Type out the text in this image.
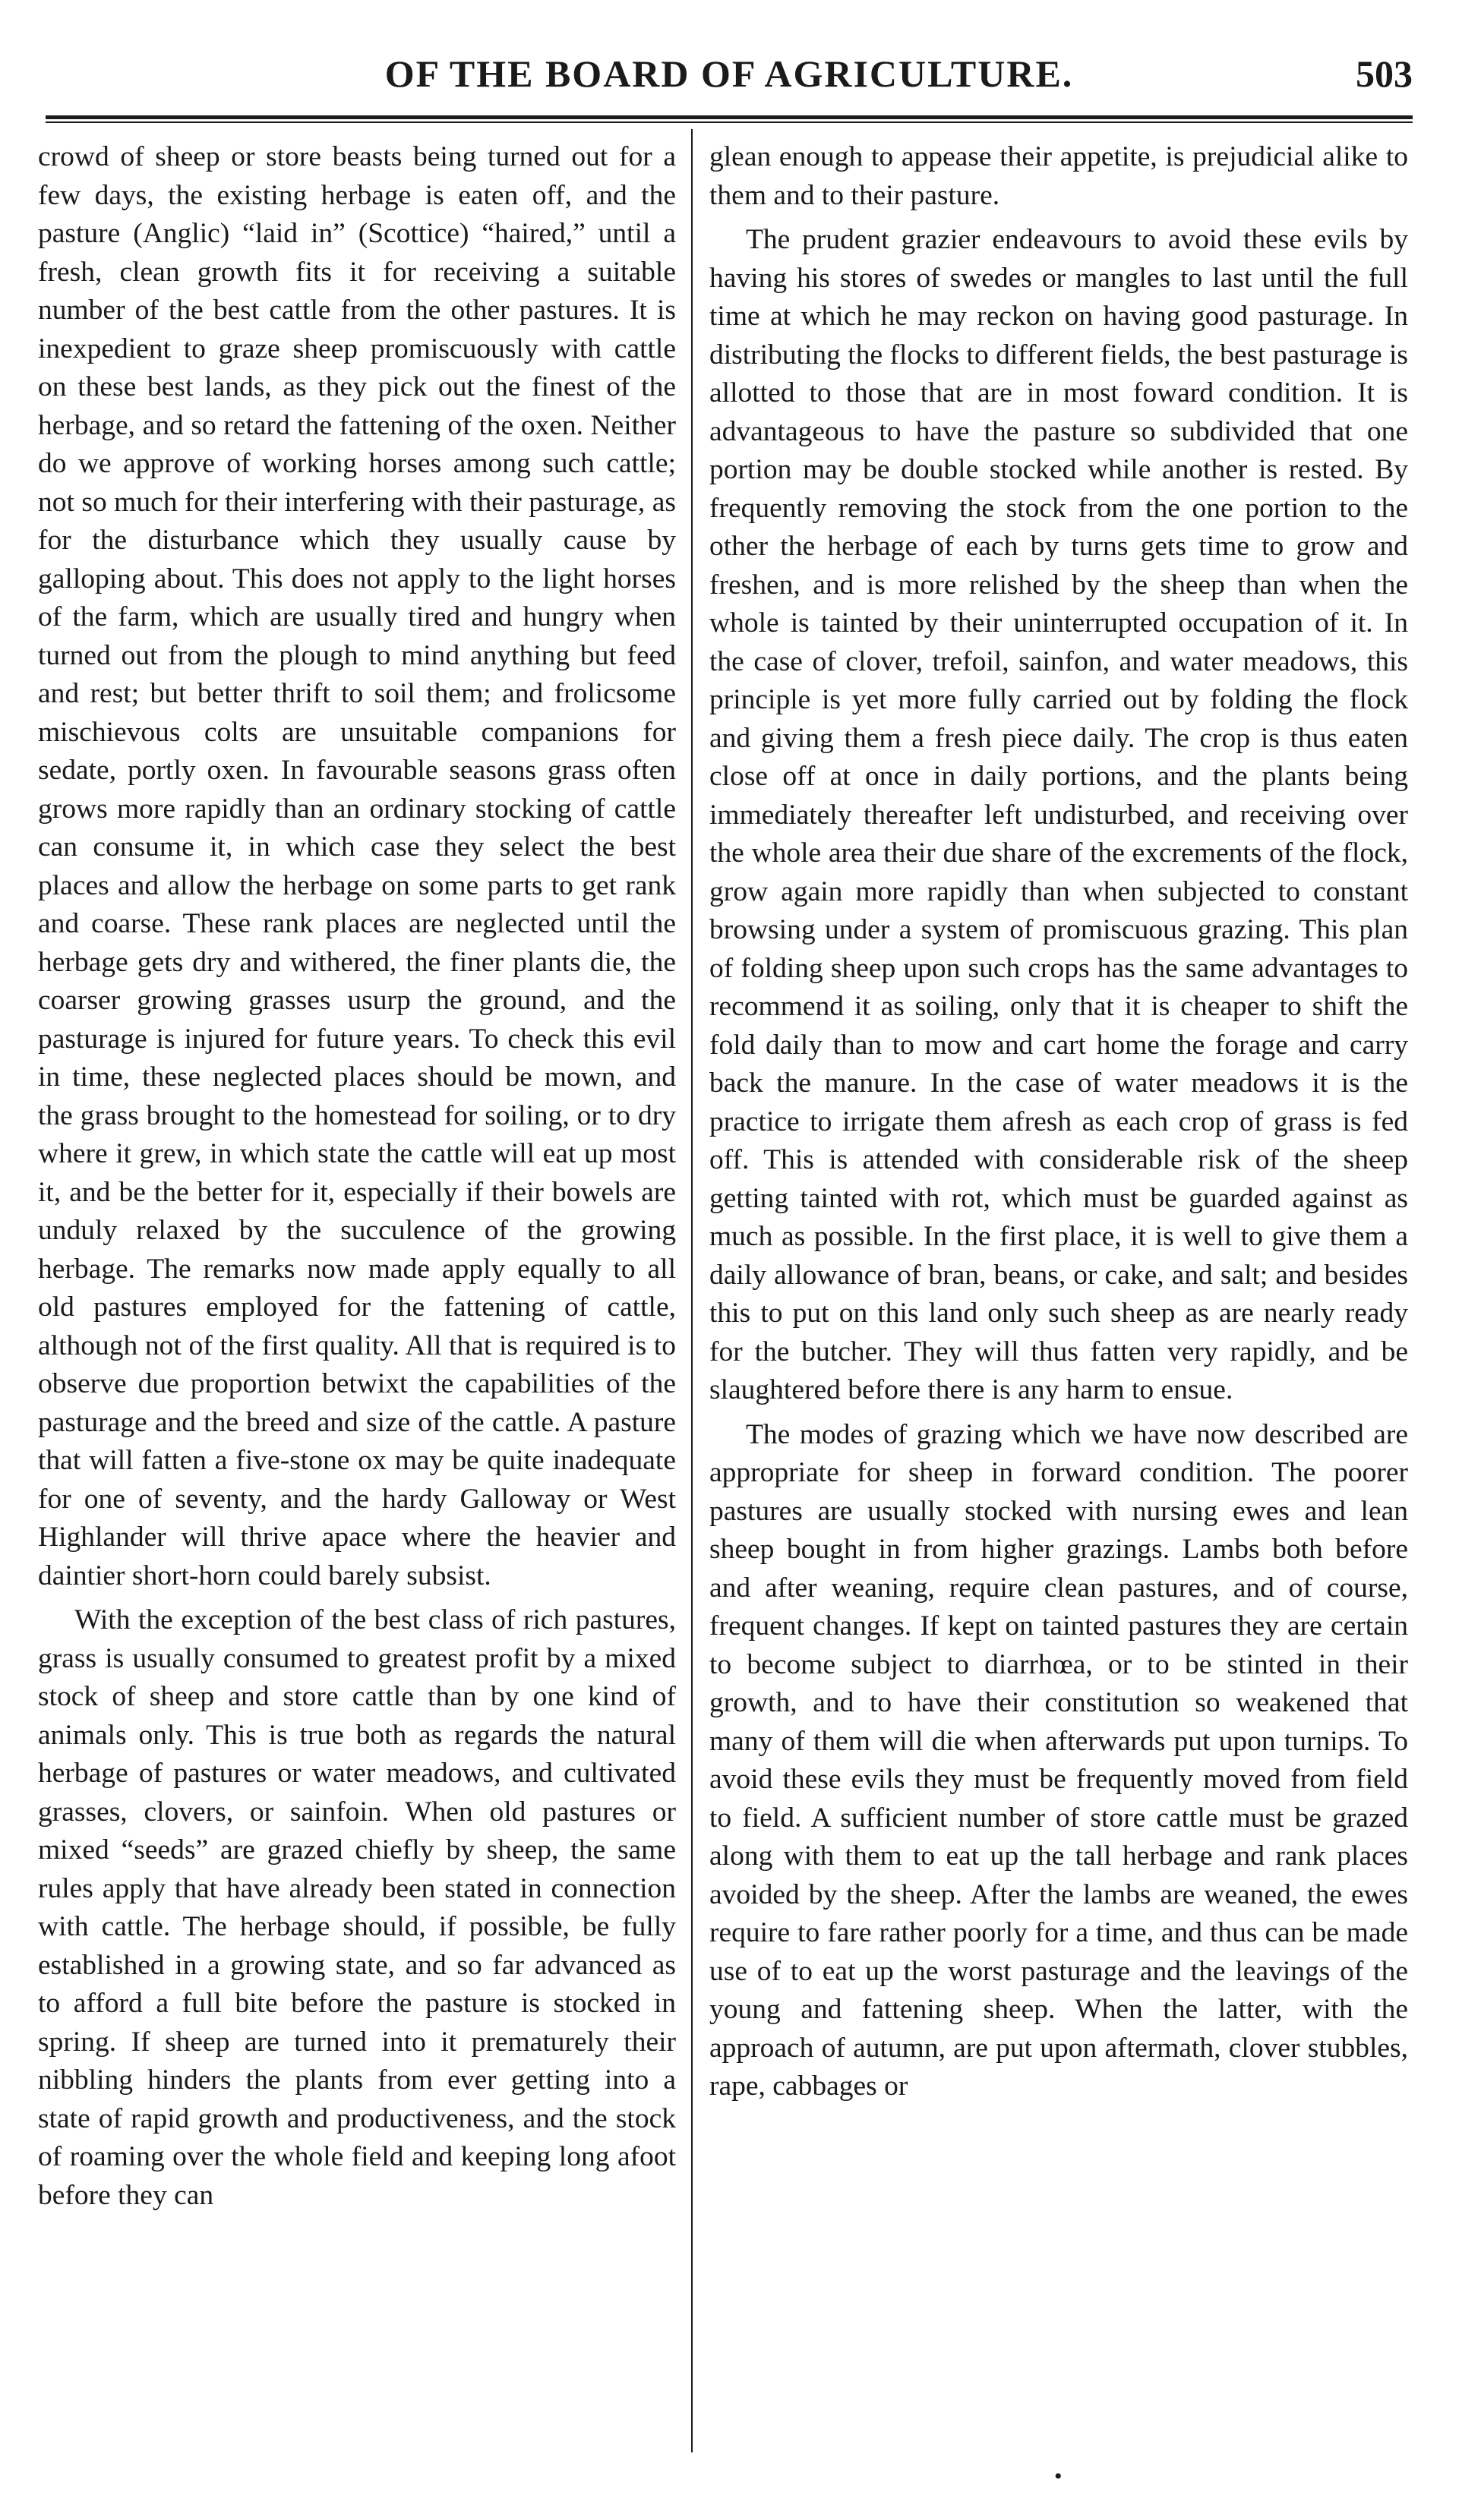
OF THE BOARD OF AGRICULTURE.	503

crowd of sheep or store beasts being turned out for a few days, the existing herbage is eaten off, and the pasture (Anglic) “laid in” (Scottice) “haired,” until a fresh, clean growth fits it for receiving a suitable number of the best cattle from the other pastures. It is inexpedient to graze sheep promiscuously with cattle on these best lands, as they pick out the finest of the herbage, and so retard the fattening of the oxen. Neither do we approve of working horses among such cattle; not so much for their interfering with their pasturage, as for the disturbance which they usually cause by galloping about. This does not apply to the light horses of the farm, which are usually tired and hungry when turned out from the plough to mind anything but feed and rest; but better thrift to soil them; and frolicsome mischievous colts are unsuitable companions for sedate, portly oxen. In favourable seasons grass often grows more rapidly than an ordinary stocking of cattle can consume it, in which case they select the best places and allow the herbage on some parts to get rank and coarse. These rank places are neglected until the herbage gets dry and withered, the finer plants die, the coarser growing grasses usurp the ground, and the pasturage is injured for future years. To check this evil in time, these neglected places should be mown, and the grass brought to the homestead for soiling, or to dry where it grew, in which state the cattle will eat up most it, and be the better for it, especially if their bowels are unduly relaxed by the succulence of the growing herbage. The remarks now made apply equally to all old pastures employed for the fattening of cattle, although not of the first quality. All that is required is to observe due proportion betwixt the capabilities of the pasturage and the breed and size of the cattle. A pasture that will fatten a five-stone ox may be quite inadequate for one of seventy, and the hardy Galloway or West Highlander will thrive apace where the heavier and daintier short-horn could barely subsist.

With the exception of the best class of rich pastures, grass is usually consumed to greatest profit by a mixed stock of sheep and store cattle than by one kind of animals only. This is true both as regards the natural herbage of pastures or water meadows, and cultivated grasses, clovers, or sainfoin. When old pastures or mixed “seeds” are grazed chiefly by sheep, the same rules apply that have already been stated in connection with cattle. The herbage should, if possible, be fully established in a growing state, and so far advanced as to afford a full bite before the pasture is stocked in spring. If sheep are turned into it prematurely their nibbling hinders the plants from ever getting into a state of rapid growth and productiveness, and the stock of roaming over the whole field and keeping long afoot before they can

glean enough to appease their appetite, is prejudicial alike to them and to their pasture.

The prudent grazier endeavours to avoid these evils by having his stores of swedes or mangles to last until the full time at which he may reckon on having good pasturage. In distributing the flocks to different fields, the best pasturage is allotted to those that are in most foward condition. It is advantageous to have the pasture so subdivided that one portion may be double stocked while another is rested. By frequently removing the stock from the one portion to the other the herbage of each by turns gets time to grow and freshen, and is more relished by the sheep than when the whole is tainted by their uninterrupted occupation of it. In the case of clover, trefoil, sainfon, and water meadows, this principle is yet more fully carried out by folding the flock and giving them a fresh piece daily. The crop is thus eaten close off at once in daily portions, and the plants being immediately thereafter left undisturbed, and receiving over the whole area their due share of the excrements of the flock, grow again more rapidly than when subjected to constant browsing under a system of promiscuous grazing. This plan of folding sheep upon such crops has the same advantages to recommend it as soiling, only that it is cheaper to shift the fold daily than to mow and cart home the forage and carry back the manure. In the case of water meadows it is the practice to irrigate them afresh as each crop of grass is fed off. This is attended with considerable risk of the sheep getting tainted with rot, which must be guarded against as much as possible. In the first place, it is well to give them a daily allowance of bran, beans, or cake, and salt; and besides this to put on this land only such sheep as are nearly ready for the butcher. They will thus fatten very rapidly, and be slaughtered before there is any harm to ensue.

The modes of grazing which we have now described are appropriate for sheep in forward condition. The poorer pastures are usually stocked with nursing ewes and lean sheep bought in from higher grazings. Lambs both before and after weaning, require clean pastures, and of course, frequent changes. If kept on tainted pastures they are certain to become subject to diarrhœa, or to be stinted in their growth, and to have their constitution so weakened that many of them will die when afterwards put upon turnips. To avoid these evils they must be frequently moved from field to field. A sufficient number of store cattle must be grazed along with them to eat up the tall herbage and rank places avoided by the sheep. After the lambs are weaned, the ewes require to fare rather poorly for a time, and thus can be made use of to eat up the worst pasturage and the leavings of the young and fattening sheep. When the latter, with the approach of autumn, are put upon aftermath, clover stubbles, rape, cabbages or

•
